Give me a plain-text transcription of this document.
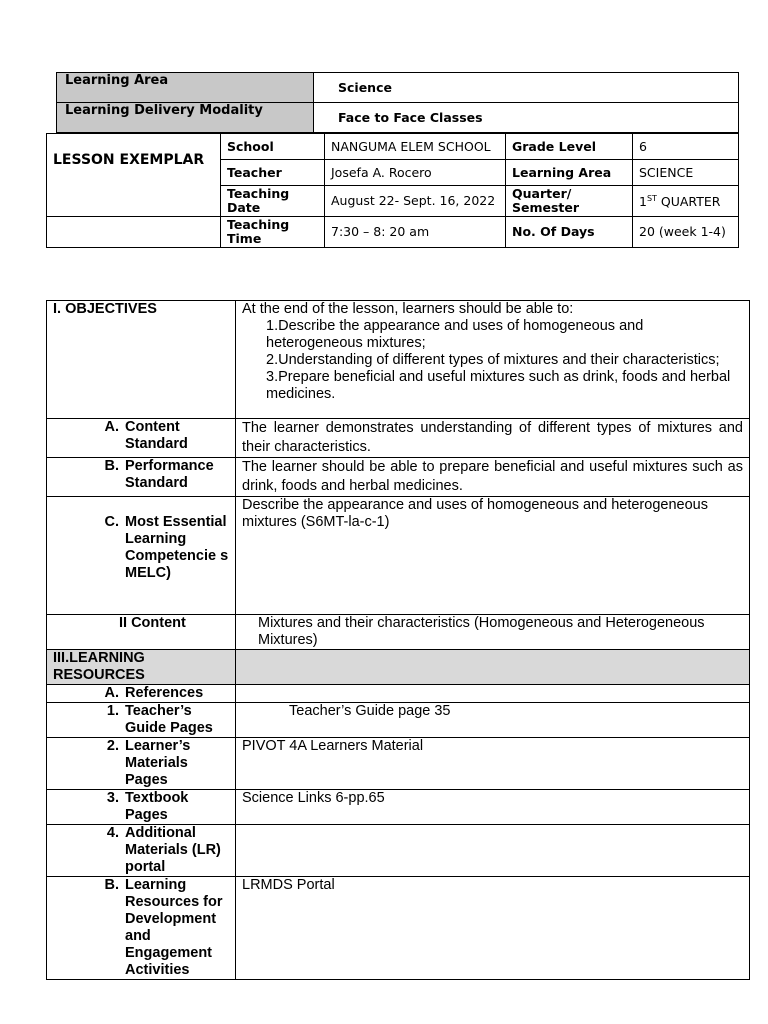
Learning Area	Science
Learning Delivery Modality	Face to Face Classes
LESSON EXEMPLAR	School	NANGUMA ELEM SCHOOL	Grade Level	6
	Teacher	Josefa A. Rocero	Learning Area	SCIENCE
	Teaching Date	August 22- Sept. 16, 2022	Quarter/ Semester	1ST QUARTER
	Teaching Time	7:30 – 8: 20 am	No. Of Days	20 (week 1-4)
I. OBJECTIVES	At the end of the lesson, learners should be able to:
1.Describe the appearance and uses of homogeneous and heterogeneous mixtures;
2.Understanding of different types of mixtures and their characteristics;
3.Prepare beneficial and useful mixtures such as drink, foods and herbal medicines.

A. Content Standard	The learner demonstrates understanding of different types of mixtures and their characteristics.

B. Performance Standard	The learner should be able to prepare beneficial and useful mixtures such as drink, foods and herbal medicines.

C. Most Essential Learning Competencie s MELC)	Describe the appearance and uses of homogeneous and heterogeneous mixtures (S6MT-la-c-1)
II Content	Mixtures and their characteristics (Homogeneous and Heterogeneous Mixtures)
III.LEARNING RESOURCES	

A. References	

1. Teacher’s Guide Pages	Teacher’s Guide page 35

2. Learner’s Materials Pages	PIVOT 4A Learners Material

3. Textbook Pages	Science Links 6-pp.65

4. Additional Materials (LR) portal	

B. Learning Resources for Development and Engagement Activities	LRMDS Portal
